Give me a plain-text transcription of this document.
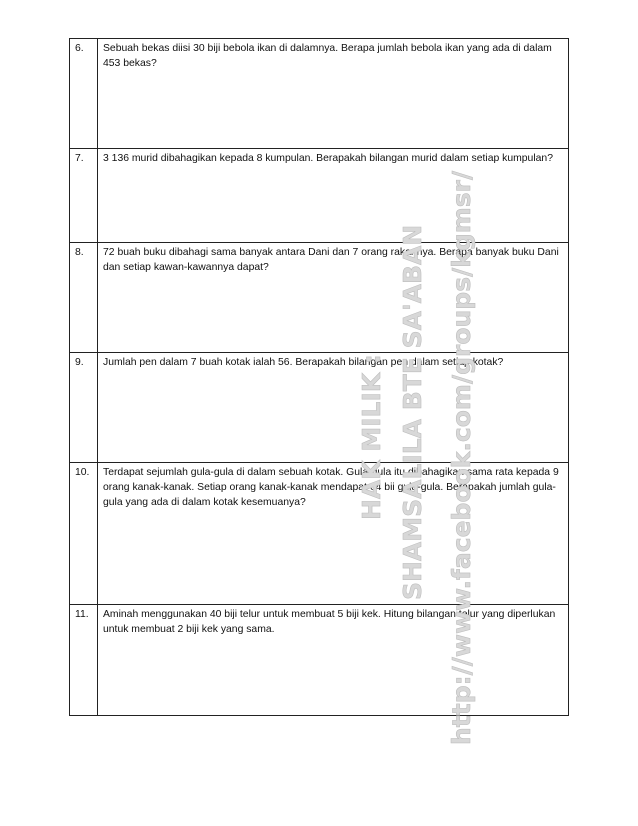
6.	Sebuah bekas diisi 30 biji bebola ikan di dalamnya. Berapa jumlah bebola ikan yang ada di dalam 453 bekas?
7.	3 136 murid dibahagikan kepada 8 kumpulan. Berapakah bilangan murid dalam setiap kumpulan?
8.	72 buah buku dibahagi sama banyak antara Dani dan 7 orang rakannya. Berapa banyak buku Dani dan setiap kawan-kawannya dapat?
9.	Jumlah pen dalam 7 buah kotak ialah 56. Berapakah bilangan pen dalam setiap kotak?
10.	Terdapat sejumlah gula-gula di dalam sebuah kotak. Gula-gula itu dibahagikan sama rata kepada 9 orang kanak-kanak. Setiap orang kanak-kanak mendapat 64 bii gula-gula. Berapakah jumlah gula-gula yang ada di dalam kotak kesemuanya?
11.	Aminah menggunakan 40 biji telur untuk membuat 5 biji kek. Hitung bilangan telur yang diperlukan untuk membuat 2 biji kek yang sama.
HAK MILIK : SHAMSALILA BTE SA'ABAN http://www.facebook.com/groups/kgmsr/
